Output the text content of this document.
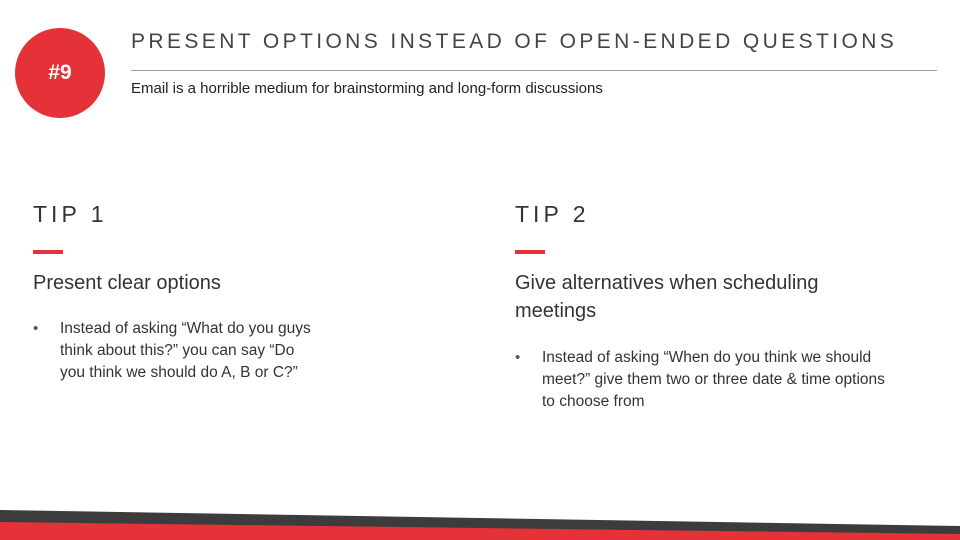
#9
PRESENT OPTIONS INSTEAD OF OPEN-ENDED QUESTIONS
Email is a horrible medium for brainstorming and long-form discussions
TIP 1
Present clear options
•	Instead of asking “What do you guys think about this?” you can say “Do you think we should do A, B or C?”
TIP 2
Give alternatives when scheduling meetings
•	Instead of asking “When do you think we should meet?” give them two or three date & time options to choose from
